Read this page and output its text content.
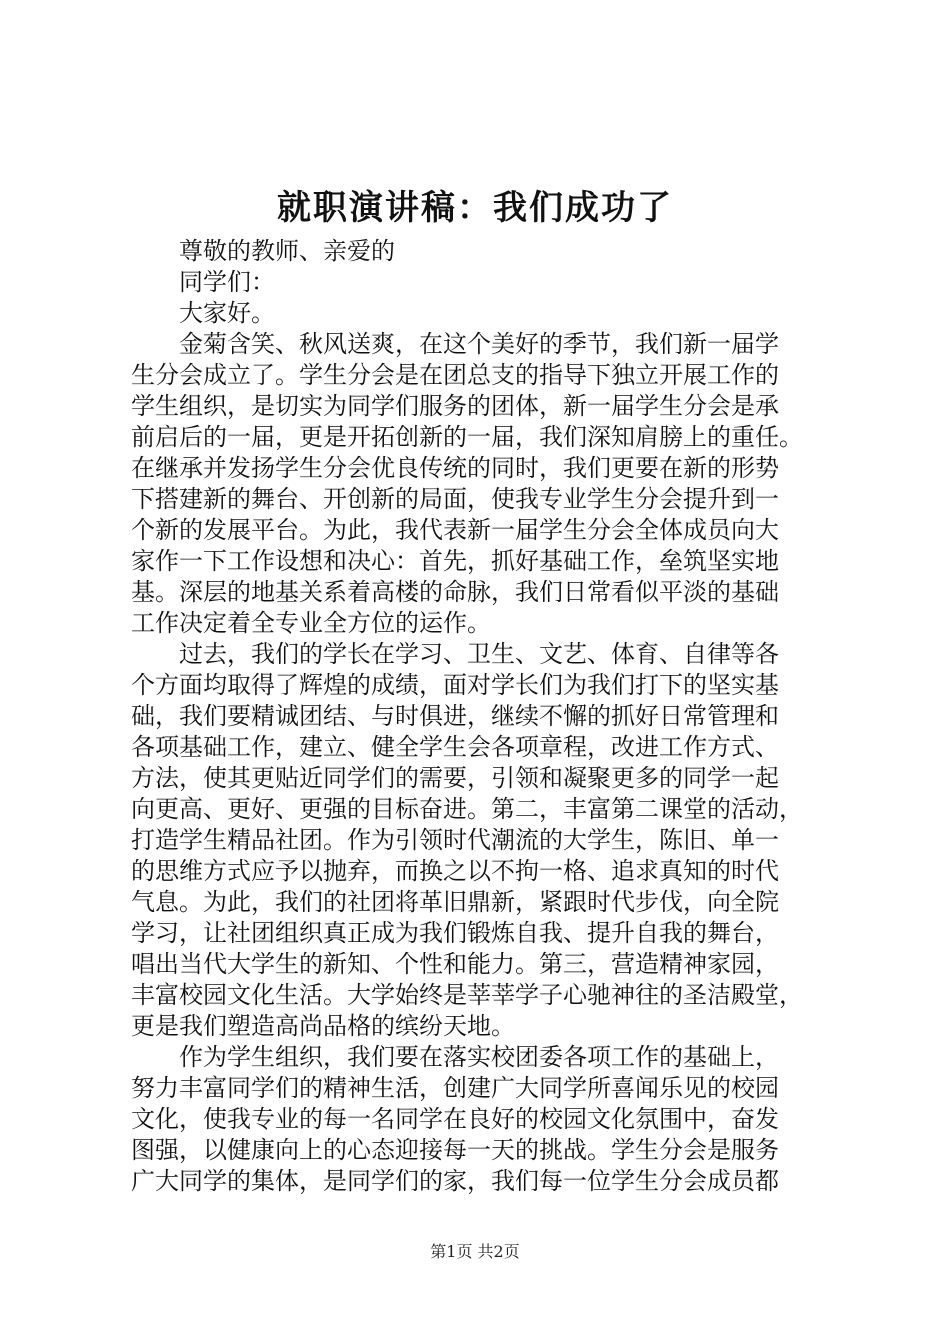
就职演讲稿：我们成功了
尊敬的教师、亲爱的
同学们：
大家好。
金菊含笑、秋风送爽，在这个美好的季节，我们新一届学
生分会成立了。学生分会是在团总支的指导下独立开展工作的
学生组织，是切实为同学们服务的团体，新一届学生分会是承
前启后的一届，更是开拓创新的一届，我们深知肩膀上的重任。
在继承并发扬学生分会优良传统的同时，我们更要在新的形势
下搭建新的舞台、开创新的局面，使我专业学生分会提升到一
个新的发展平台。为此，我代表新一届学生分会全体成员向大
家作一下工作设想和决心：首先，抓好基础工作，垒筑坚实地
基。深层的地基关系着高楼的命脉，我们日常看似平淡的基础
工作决定着全专业全方位的运作。
过去，我们的学长在学习、卫生、文艺、体育、自律等各
个方面均取得了辉煌的成绩，面对学长们为我们打下的坚实基
础，我们要精诚团结、与时俱进，继续不懈的抓好日常管理和
各项基础工作，建立、健全学生会各项章程，改进工作方式、
方法，使其更贴近同学们的需要，引领和凝聚更多的同学一起
向更高、更好、更强的目标奋进。第二，丰富第二课堂的活动，
打造学生精品社团。作为引领时代潮流的大学生，陈旧、单一
的思维方式应予以抛弃，而换之以不拘一格、追求真知的时代
气息。为此，我们的社团将革旧鼎新，紧跟时代步伐，向全院
学习，让社团组织真正成为我们锻炼自我、提升自我的舞台，
唱出当代大学生的新知、个性和能力。第三，营造精神家园，
丰富校园文化生活。大学始终是莘莘学子心驰神往的圣洁殿堂，
更是我们塑造高尚品格的缤纷天地。
作为学生组织，我们要在落实校团委各项工作的基础上，
努力丰富同学们的精神生活，创建广大同学所喜闻乐见的校园
文化，使我专业的每一名同学在良好的校园文化氛围中，奋发
图强，以健康向上的心态迎接每一天的挑战。学生分会是服务
广大同学的集体，是同学们的家，我们每一位学生分会成员都
第1页 共2页
